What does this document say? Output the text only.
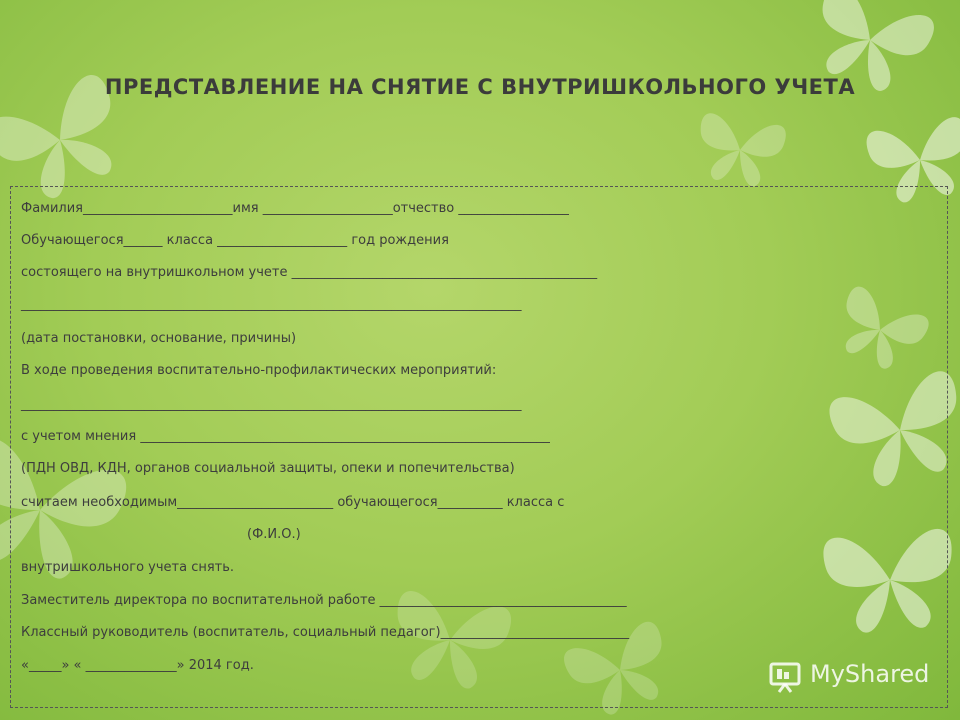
ПРЕДСТАВЛЕНИЕ НА СНЯТИЕ С ВНУТРИШКОЛЬНОГО УЧЕТА
Фамилия_______________________имя ____________________отчество _________________
Обучающегося______ класса ____________________ год рождения
состоящего на внутришкольном учете _______________________________________________
_____________________________________________________________________________
(дата постановки, основание, причины)
В ходе проведения воспитательно-профилактических мероприятий:
_____________________________________________________________________________
с учетом мнения _______________________________________________________________
(ПДН ОВД, КДН, органов социальной защиты, опеки и попечительства)
считаем необходимым________________________ обучающегося__________ класса с
(Ф.И.О.)
внутришкольного учета снять.
Заместитель директора по воспитательной работе ______________________________________
Классный руководитель (воспитатель, социальный педагог)_____________________________
«_____» « ______________» 2014 год.	MyShared
